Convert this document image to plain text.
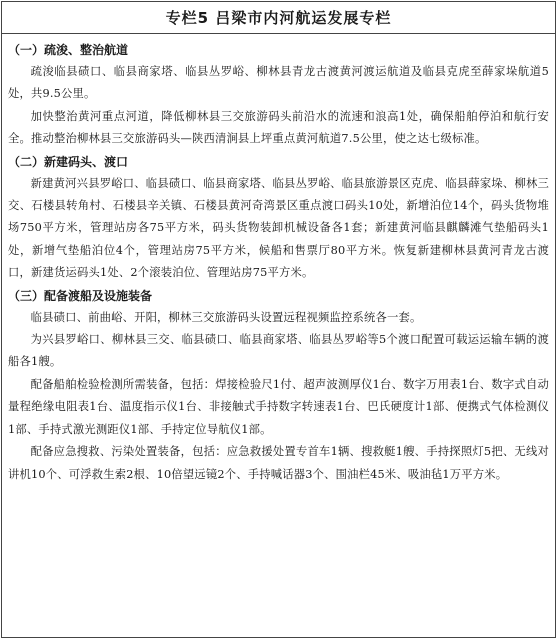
专栏5 吕梁市内河航运发展专栏

（一）疏浚、整治航道

疏浚临县碛口、临县商家塔、临县丛罗峪、柳林县青龙古渡黄河渡运航道及临县克虎至薛家垛航道5处，共9.5公里。

加快整治黄河重点河道，降低柳林县三交旅游码头前沿水的流速和浪高1处，确保船舶停泊和航行安全。推动整治柳林县三交旅游码头—陕西清涧县上坪重点黄河航道7.5公里，使之达七级标准。

（二）新建码头、渡口

新建黄河兴县罗峪口、临县碛口、临县商家塔、临县丛罗峪、临县旅游景区克虎、临县薛家垛、柳林三交、石楼县转角村、石楼县辛关镇、石楼县黄河奇湾景区重点渡口码头10处，新增泊位14个，码头货物堆场750平方米，管理站房各75平方米，码头货物装卸机械设备各1套；新建黄河临县麒麟滩气垫船码头1处，新增气垫船泊位4个，管理站房75平方米，候船和售票厅80平方米。恢复新建柳林县黄河青龙古渡口，新建货运码头1处、2个滚装泊位、管理站房75平方米。

（三）配备渡船及设施装备

临县碛口、前曲峪、开阳，柳林三交旅游码头设置远程视频监控系统各一套。

为兴县罗峪口、柳林县三交、临县碛口、临县商家塔、临县丛罗峪等5个渡口配置可载运运输车辆的渡船各1艘。

配备船舶检验检测所需装备，包括：焊接检验尺1付、超声波测厚仪1台、数字万用表1台、数字式自动量程绝缘电阻表1台、温度指示仪1台、非接触式手持数字转速表1台、巴氏硬度计1部、便携式气体检测仪1部、手持式激光测距仪1部、手持定位导航仪1部。

配备应急搜救、污染处置装备，包括：应急救援处置专首车1辆、搜救艇1艘、手持探照灯5把、无线对讲机10个、可浮救生索2根、10倍望远镜2个、手持喊话器3个、围油栏45米、吸油毡1万平方米。
